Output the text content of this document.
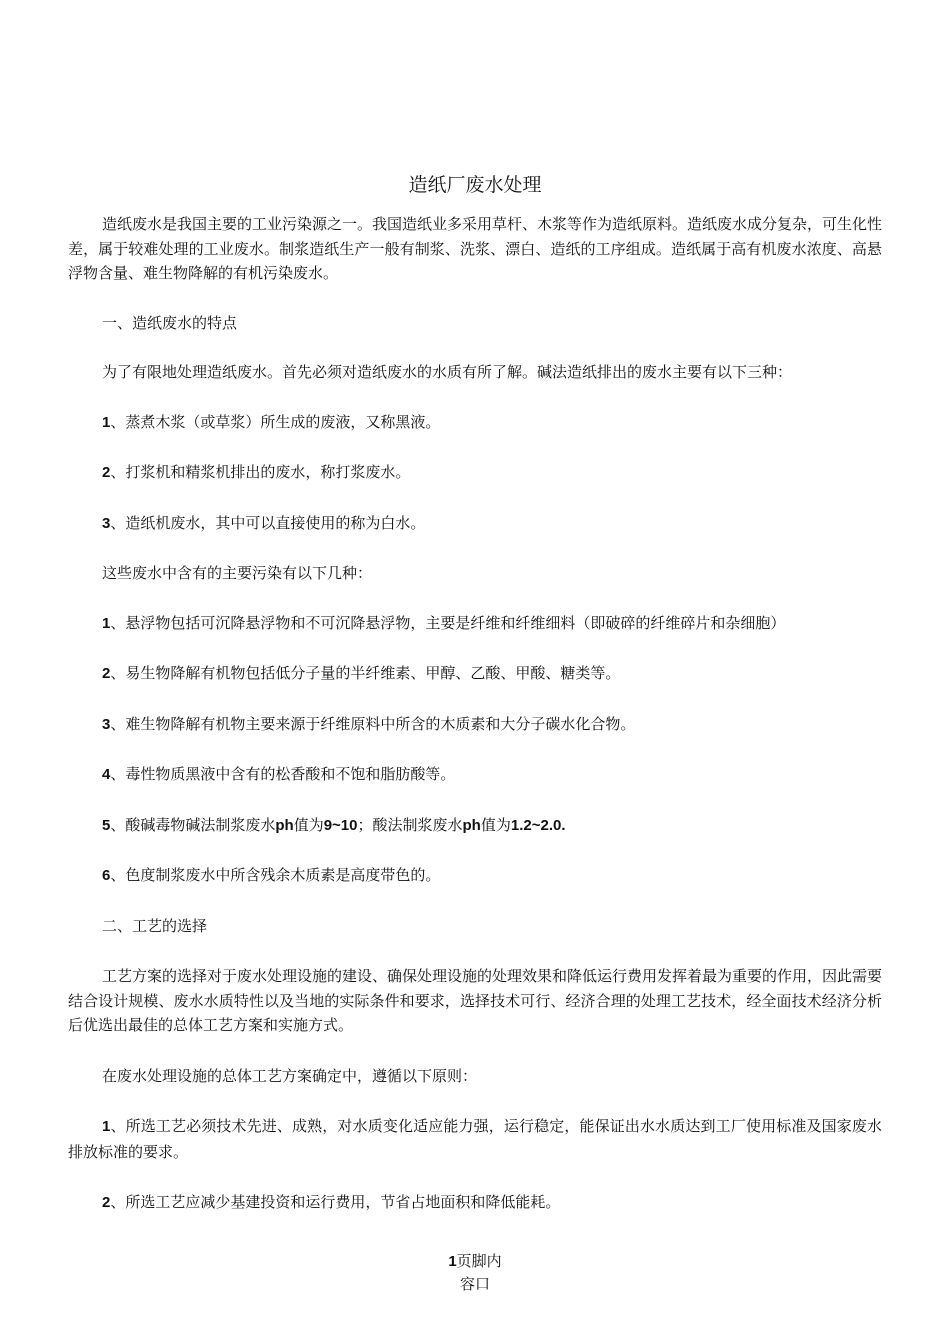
造纸厂废水处理

造纸废水是我国主要的工业污染源之一。我国造纸业多采用草杆、木浆等作为造纸原料。造纸废水成分复杂，可生化性差，属于较难处理的工业废水。制浆造纸生产一般有制浆、洗浆、漂白、造纸的工序组成。造纸属于高有机废水浓度、高悬浮物含量、难生物降解的有机污染废水。

一、造纸废水的特点

为了有限地处理造纸废水。首先必须对造纸废水的水质有所了解。碱法造纸排出的废水主要有以下三种：

1、蒸煮木浆（或草浆）所生成的废液，又称黑液。

2、打浆机和精浆机排出的废水，称打浆废水。

3、造纸机废水，其中可以直接使用的称为白水。

这些废水中含有的主要污染有以下几种：

1、悬浮物包括可沉降悬浮物和不可沉降悬浮物，主要是纤维和纤维细料（即破碎的纤维碎片和杂细胞）

2、易生物降解有机物包括低分子量的半纤维素、甲醇、乙酸、甲酸、糖类等。

3、难生物降解有机物主要来源于纤维原料中所含的木质素和大分子碳水化合物。

4、毒性物质黑液中含有的松香酸和不饱和脂肪酸等。

5、酸碱毒物碱法制浆废水ph值为9~10；酸法制浆废水ph值为1.2~2.0.

6、色度制浆废水中所含残余木质素是高度带色的。

二、工艺的选择

工艺方案的选择对于废水处理设施的建设、确保处理设施的处理效果和降低运行费用发挥着最为重要的作用，因此需要结合设计规模、废水水质特性以及当地的实际条件和要求，选择技术可行、经济合理的处理工艺技术，经全面技术经济分析后优选出最佳的总体工艺方案和实施方式。

在废水处理设施的总体工艺方案确定中，遵循以下原则：

1、所选工艺必须技术先进、成熟，对水质变化适应能力强，运行稳定，能保证出水水质达到工厂使用标准及国家废水排放标准的要求。

2、所选工艺应减少基建投资和运行费用，节省占地面积和降低能耗。

1页脚内
容口
